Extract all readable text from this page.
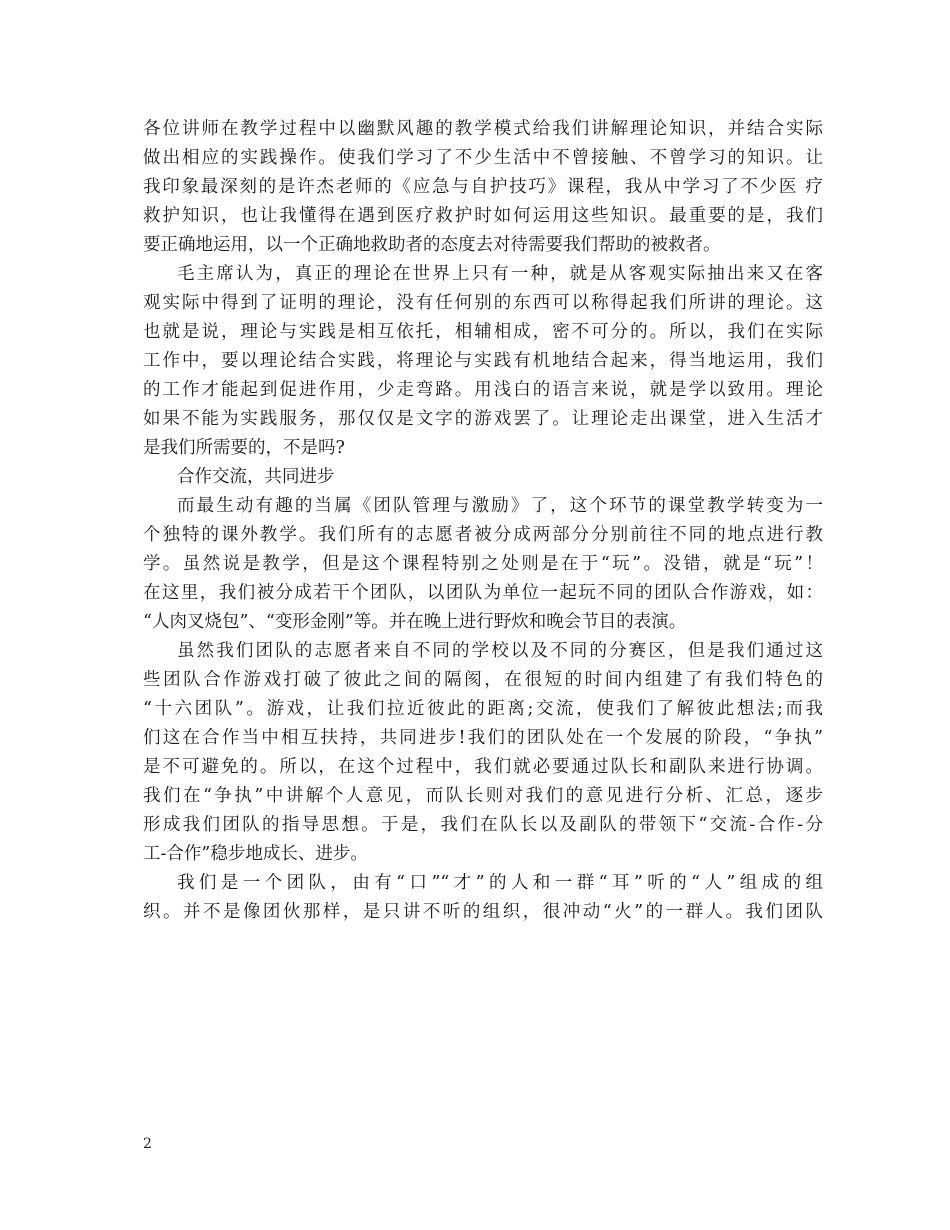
各位讲师在教学过程中以幽默风趣的教学模式给我们讲解理论知识，并结合实际
做出相应的实践操作。使我们学习了不少生活中不曾接触、不曾学习的知识。让
我印象最深刻的是许杰老师的《应急与自护技巧》课程，我从中学习了不少医 疗
救护知识，也让我懂得在遇到医疗救护时如何运用这些知识。最重要的是，我们
要正确地运用，以一个正确地救助者的态度去对待需要我们帮助的被救者。
毛主席认为，真正的理论在世界上只有一种，就是从客观实际抽出来又在客
观实际中得到了证明的理论，没有任何别的东西可以称得起我们所讲的理论。这
也就是说，理论与实践是相互依托，相辅相成，密不可分的。所以，我们在实际
工作中，要以理论结合实践，将理论与实践有机地结合起来，得当地运用，我们
的工作才能起到促进作用，少走弯路。用浅白的语言来说，就是学以致用。理论
如果不能为实践服务，那仅仅是文字的游戏罢了。让理论走出课堂，进入生活才
是我们所需要的，不是吗?
合作交流，共同进步
而最生动有趣的当属《团队管理与激励》了，这个环节的课堂教学转变为一
个独特的课外教学。我们所有的志愿者被分成两部分分别前往不同的地点进行教
学。虽然说是教学，但是这个课程特别之处则是在于“玩”。没错，就是“玩”！
在这里，我们被分成若干个团队，以团队为单位一起玩不同的团队合作游戏，如：
“人肉叉烧包”、“变形金刚”等。并在晚上进行野炊和晚会节目的表演。
虽然我们团队的志愿者来自不同的学校以及不同的分赛区，但是我们通过这
些团队合作游戏打破了彼此之间的隔阂，在很短的时间内组建了有我们特色的
“十六团队”。游戏，让我们拉近彼此的距离;交流，使我们了解彼此想法;而我
们这在合作当中相互扶持，共同进步!我们的团队处在一个发展的阶段，“争执”
是不可避免的。所以，在这个过程中，我们就必要通过队长和副队来进行协调。
我们在“争执”中讲解个人意见，而队长则对我们的意见进行分析、汇总，逐步
形成我们团队的指导思想。于是，我们在队长以及副队的带领下“交流-合作-分
工-合作”稳步地成长、进步。
我们是一个团队，由有“口”“才”的人和一群“耳”听的“人”组成的组
织。并不是像团伙那样，是只讲不听的组织，很冲动“火”的一群人。我们团队
2
